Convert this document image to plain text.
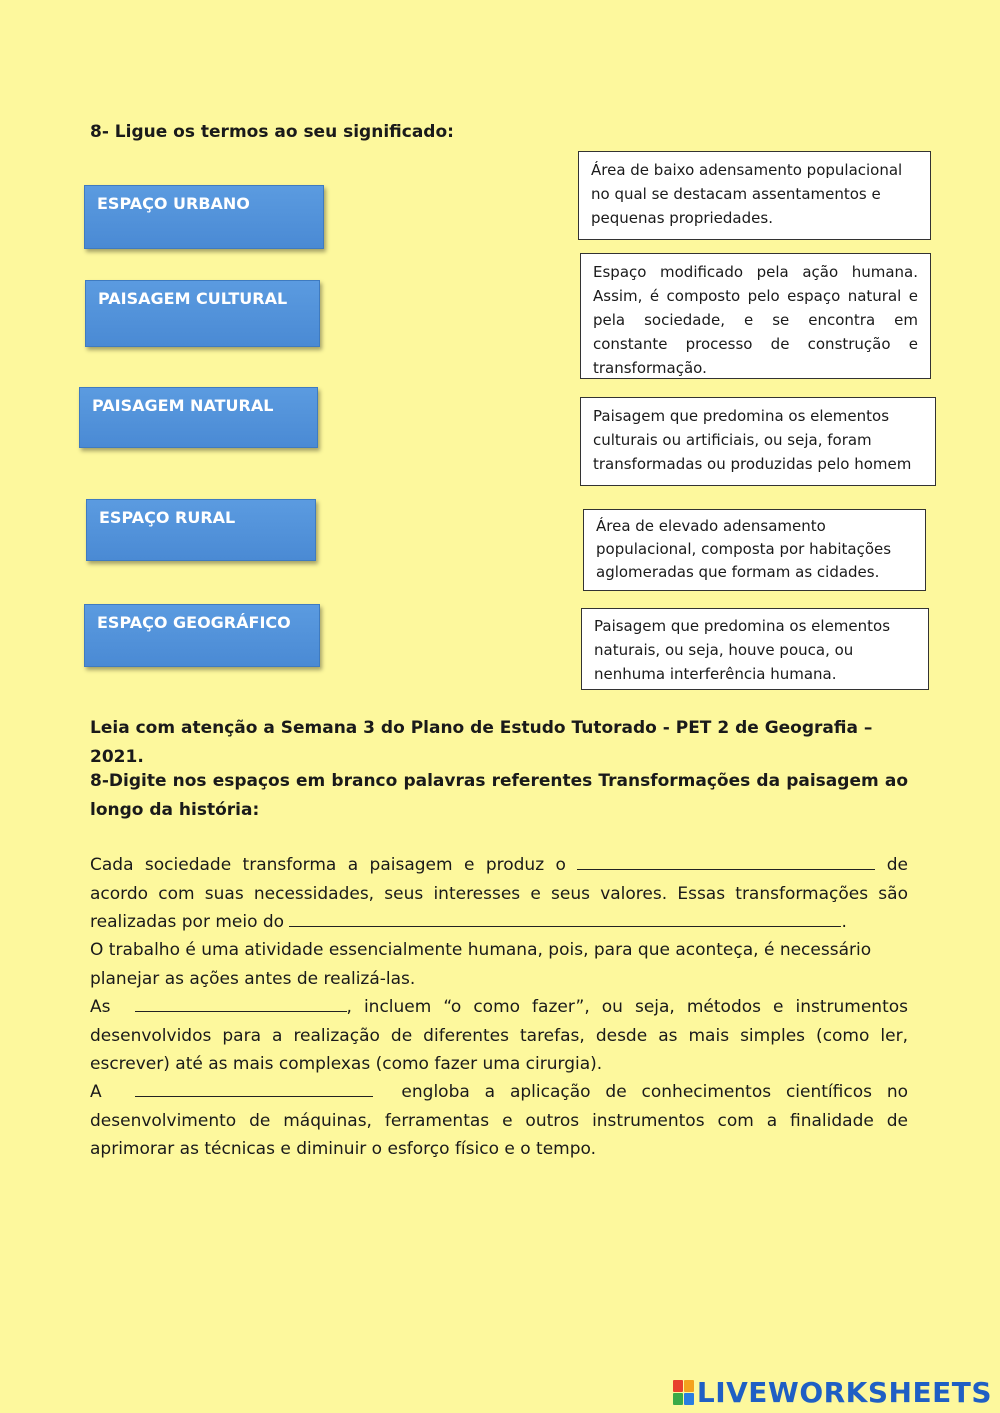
8- Ligue os termos ao seu significado:
ESPAÇO URBANO
PAISAGEM CULTURAL
PAISAGEM NATURAL
ESPAÇO RURAL
ESPAÇO GEOGRÁFICO
Área de baixo adensamento populacional no qual se destacam assentamentos e pequenas propriedades.
Espaço modificado pela ação humana. Assim, é composto pelo espaço natural e pela sociedade, e se encontra em constante processo de construção e transformação.
Paisagem que predomina os elementos culturais ou artificiais, ou seja, foram transformadas ou produzidas pelo homem
Área de elevado adensamento populacional, composta por habitações aglomeradas que formam as cidades.
Paisagem que predomina os elementos naturais, ou seja, houve pouca, ou nenhuma interferência humana.
Leia com atenção a Semana 3 do Plano de Estudo Tutorado - PET 2 de Geografia – 2021.
8-Digite nos espaços em branco palavras referentes Transformações da paisagem ao longo da história:
Cada sociedade transforma a paisagem e produz o	de acordo com suas necessidades, seus interesses e seus valores. Essas transformações são realizadas por meio do	.
O trabalho é uma atividade essencialmente humana, pois, para que aconteça, é necessário planejar as ações antes de realizá-las.
As	, incluem “o como fazer”, ou seja, métodos e instrumentos desenvolvidos para a realização de diferentes tarefas, desde as mais simples (como ler, escrever) até as mais complexas (como fazer uma cirurgia).
A	engloba a aplicação de conhecimentos científicos no desenvolvimento de máquinas, ferramentas e outros instrumentos com a finalidade de aprimorar as técnicas e diminuir o esforço físico e o tempo.
LIVEWORKSHEETS
